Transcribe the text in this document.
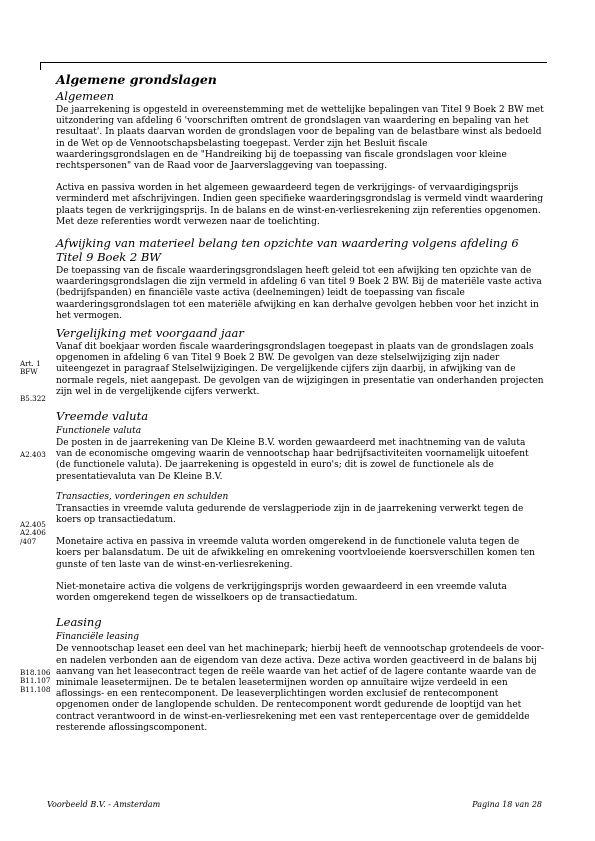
Art. 1
BFW
B5.322
A2.403
A2.405
A2.406
/407
B18.106
B11.107
B11.108
Algemene grondslagen
Algemeen

De jaarrekening is opgesteld in overeenstemming met de wettelijke bepalingen van Titel 9 Boek 2 BW met uitzondering van afdeling 6 'voorschriften omtrent de grondslagen van waardering en bepaling van het resultaat'. In plaats daarvan worden de grondslagen voor de bepaling van de belastbare winst als bedoeld in de Wet op de Vennootschapsbelasting toegepast. Verder zijn het Besluit fiscale waarderingsgrondslagen en de "Handreiking bij de toepassing van fiscale grondslagen voor kleine rechtspersonen" van de Raad voor de Jaarverslaggeving van toepassing.

Activa en passiva worden in het algemeen gewaardeerd tegen de verkrijgings- of vervaardigingsprijs verminderd met afschrijvingen. Indien geen specifieke waarderingsgrondslag is vermeld vindt waardering plaats tegen de verkrijgingsprijs. In de balans en de winst-en-verliesrekening zijn referenties opgenomen. Met deze referenties wordt verwezen naar de toelichting.

Afwijking van materieel belang ten opzichte van waardering volgens afdeling 6 Titel 9 Boek 2 BW

De toepassing van de fiscale waarderingsgrondslagen heeft geleid tot een afwijking ten opzichte van de waarderingsgrondslagen die zijn vermeld in afdeling 6 van titel 9 Boek 2 BW. Bij de materiële vaste activa (bedrijfspanden) en financiële vaste activa (deelnemingen) leidt de toepassing van fiscale waarderingsgrondslagen tot een materiële afwijking en kan derhalve gevolgen hebben voor het inzicht in het vermogen.

Vergelijking met voorgaand jaar

Vanaf dit boekjaar worden fiscale waarderingsgrondslagen toegepast in plaats van de grondslagen zoals opgenomen in afdeling 6 van Titel 9 Boek 2 BW. De gevolgen van deze stelselwijziging zijn nader uiteengezet in paragraaf Stelselwijzigingen. De vergelijkende cijfers zijn daarbij, in afwijking van de normale regels, niet aangepast. De gevolgen van de wijzigingen in presentatie van onderhanden projecten zijn wel in de vergelijkende cijfers verwerkt.

Vreemde valuta
Functionele valuta

De posten in de jaarrekening van De Kleine B.V. worden gewaardeerd met inachtneming van de valuta van de economische omgeving waarin de vennootschap haar bedrijfsactiviteiten voornamelijk uitoefent (de functionele valuta). De jaarrekening is opgesteld in euro's; dit is zowel de functionele als de presentatievaluta van De Kleine B.V.

Transacties, vorderingen en schulden

Transacties in vreemde valuta gedurende de verslagperiode zijn in de jaarrekening verwerkt tegen de koers op transactiedatum.

Monetaire activa en passiva in vreemde valuta worden omgerekend in de functionele valuta tegen de koers per balansdatum. De uit de afwikkeling en omrekening voortvloeiende koersverschillen komen ten gunste of ten laste van de winst-en-verliesrekening.

Niet-monetaire activa die volgens de verkrijgingsprijs worden gewaardeerd in een vreemde valuta worden omgerekend tegen de wisselkoers op de transactiedatum.

Leasing
Financiële leasing

De vennootschap leaset een deel van het machinepark; hierbij heeft de vennootschap grotendeels de voor- en nadelen verbonden aan de eigendom van deze activa. Deze activa worden geactiveerd in de balans bij aanvang van het leasecontract tegen de reële waarde van het actief of de lagere contante waarde van de minimale leasetermijnen. De te betalen leasetermijnen worden op annuïtaire wijze verdeeld in een aflossings- en een rentecomponent. De leaseverplichtingen worden exclusief de rentecomponent opgenomen onder de langlopende schulden. De rentecomponent wordt gedurende de looptijd van het contract verantwoord in de winst-en-verliesrekening met een vast rentepercentage over de gemiddelde resterende aflossingscomponent.

Voorbeeld B.V. - Amsterdam	Pagina 18 van 28
